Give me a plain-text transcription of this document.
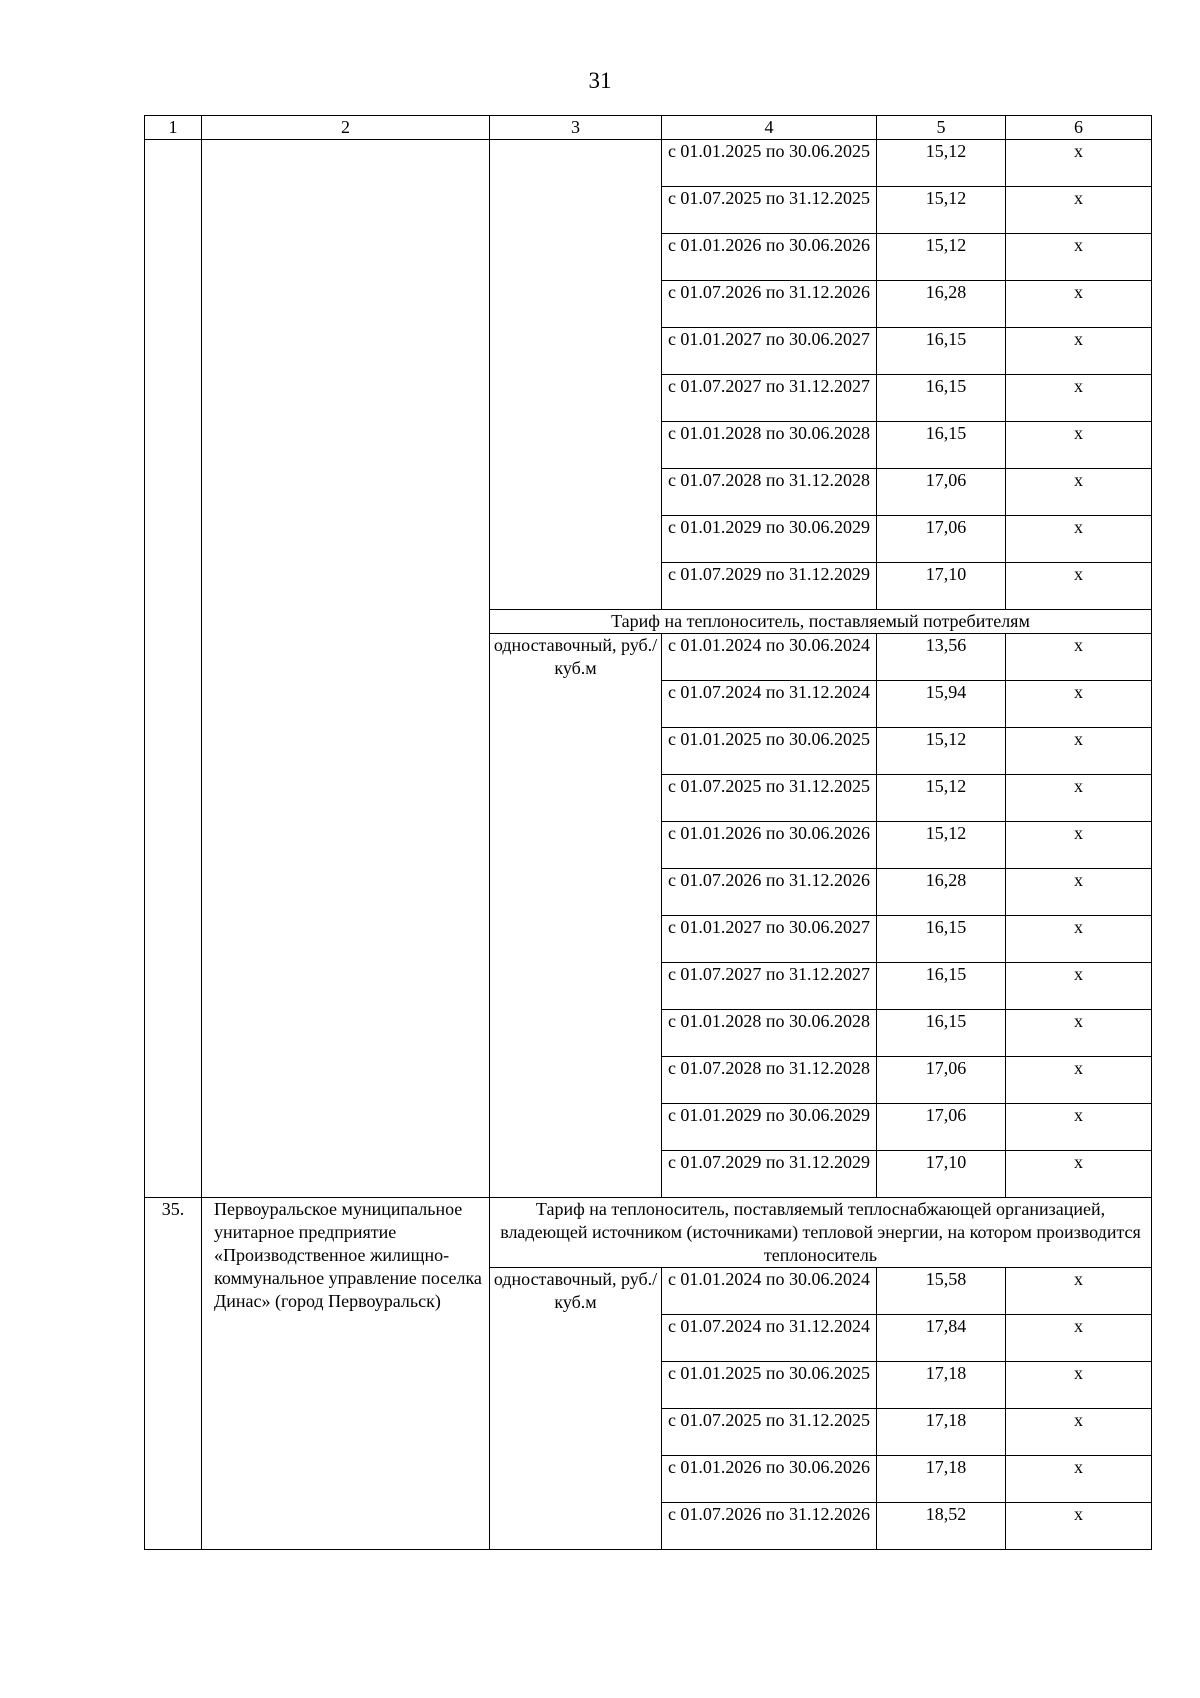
31
1	2	3	4	5	6
			с 01.01.2025 по 30.06.2025	15,12	х
			с 01.07.2025 по 31.12.2025	15,12	х
			с 01.01.2026 по 30.06.2026	15,12	х
			с 01.07.2026 по 31.12.2026	16,28	х
			с 01.01.2027 по 30.06.2027	16,15	х
			с 01.07.2027 по 31.12.2027	16,15	х
			с 01.01.2028 по 30.06.2028	16,15	х
			с 01.07.2028 по 31.12.2028	17,06	х
			с 01.01.2029 по 30.06.2029	17,06	х
			с 01.07.2029 по 31.12.2029	17,10	х
		Тариф на теплоноситель, поставляемый потребителям			
		одноставочный, руб./куб.м	с 01.01.2024 по 30.06.2024	13,56	х
			с 01.07.2024 по 31.12.2024	15,94	х
			с 01.01.2025 по 30.06.2025	15,12	х
			с 01.07.2025 по 31.12.2025	15,12	х
			с 01.01.2026 по 30.06.2026	15,12	х
			с 01.07.2026 по 31.12.2026	16,28	х
			с 01.01.2027 по 30.06.2027	16,15	х
			с 01.07.2027 по 31.12.2027	16,15	х
			с 01.01.2028 по 30.06.2028	16,15	х
			с 01.07.2028 по 31.12.2028	17,06	х
			с 01.01.2029 по 30.06.2029	17,06	х
			с 01.07.2029 по 31.12.2029	17,10	х
35.	Первоуральское муниципальное унитарное предприятие «Производственное жилищно-коммунальное управление поселка Динас» (город Первоуральск)	Тариф на теплоноситель, поставляемый теплоснабжающей организацией, владеющей источником (источниками) тепловой энергии, на котором производится теплоноситель			
		одноставочный, руб./куб.м	с 01.01.2024 по 30.06.2024	15,58	х
			с 01.07.2024 по 31.12.2024	17,84	х
			с 01.01.2025 по 30.06.2025	17,18	х
			с 01.07.2025 по 31.12.2025	17,18	х
			с 01.01.2026 по 30.06.2026	17,18	х
			с 01.07.2026 по 31.12.2026	18,52	х
